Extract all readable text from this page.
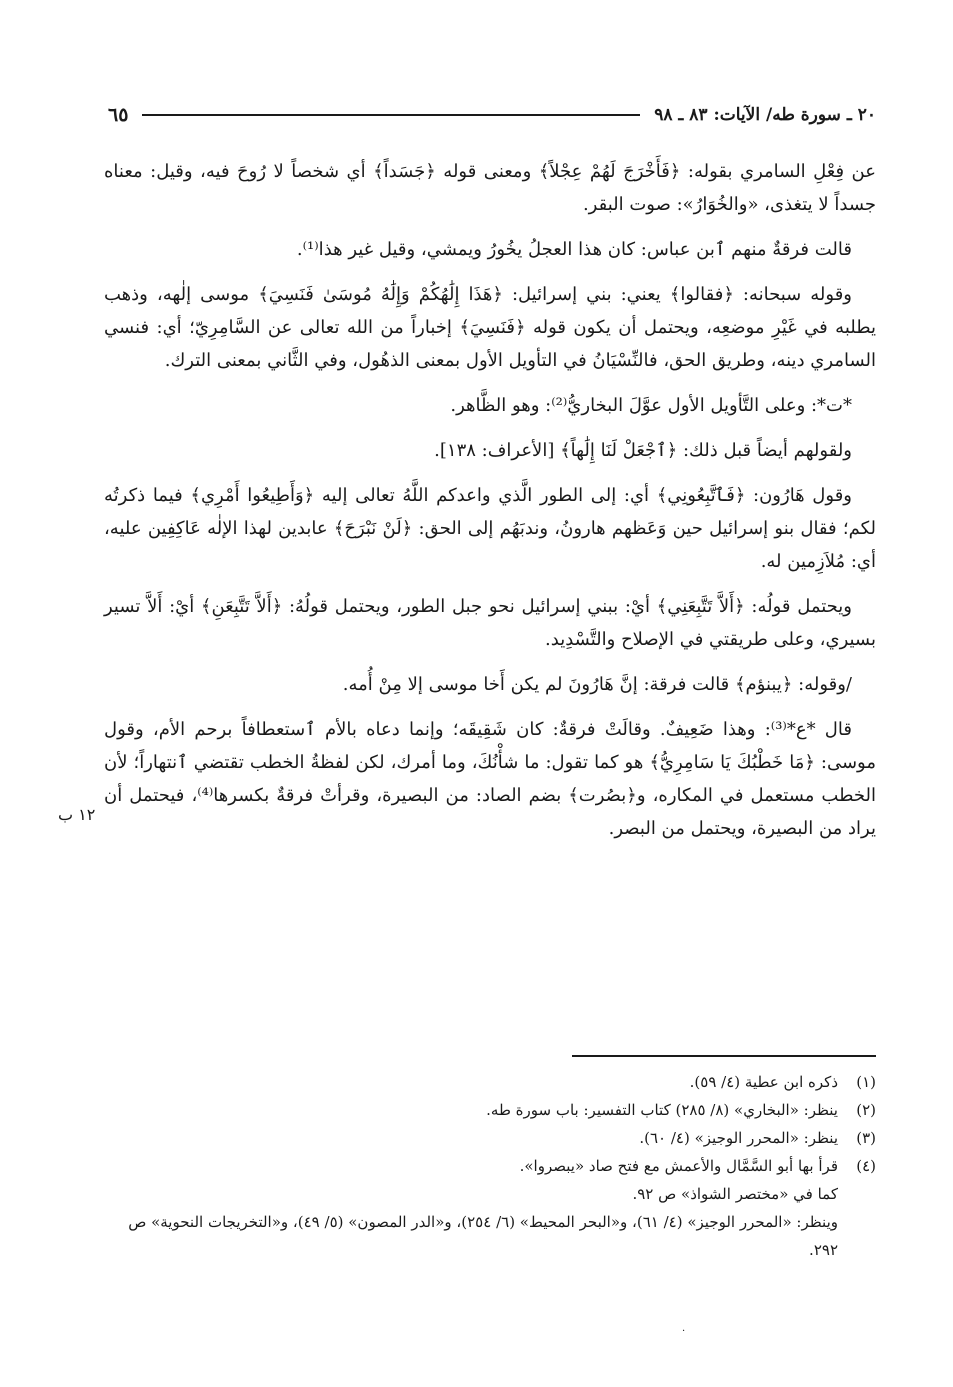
٢٠ ـ سورة طه/ الآيات: ٨٣ ـ ٩٨
٦٥

عن فِعْلِ السامري بقوله: ﴿فَأَخْرَجَ لَهُمْ عِجْلاً﴾ ومعنى قوله ﴿جَسَداً﴾ أي شخصاً لا رُوحَ فيه، وقيل: معناه جسداً لا يتغذى، «والخُوَارُ»: صوت البقر.

قالت فرقةٌ منهم ٱبن عباس: كان هذا العجلُ يخُورُ ويمشي، وقيل غير هذا⁽¹⁾.

وقوله سبحانه: ﴿فقالوا﴾ يعني: بني إسرائيل: ﴿هَذَا إِلَٰهُكُمْ وَإِلَٰهُ مُوسَىٰ فَنَسِيَ﴾ موسى إلٰهه، وذهب يطلبه في غَيْرِ موضعِه، ويحتمل أن يكون قوله ﴿فَنَسِيَ﴾ إخباراً من الله تعالى عن السَّامِرِيّ؛ أي: فنسي السامري دينه، وطريق الحق، فالنِّسْيَانُ في التأويل الأول بمعنى الذهُول، وفي الثَّاني بمعنى الترك.

*ت*: وعلى التَّأويل الأول عوَّلَ البخاريُّ⁽²⁾: وهو الظَّاهر.

ولقولهم أيضاً قبل ذلك: ﴿ٱجْعَلْ لَنَا إِلَٰهاً﴾ [الأعراف: ١٣٨].

وقول هَارُون: ﴿فَٱتَّبِعُونِي﴾ أي: إلى الطور الَّذي واعدكم اللَّهُ تعالى إليه ﴿وَأَطِيعُوا أَمْرِي﴾ فيما ذكرتُه لكم؛ فقال بنو إسرائيل حين وَعَظهم هارونُ، وندبَهُم إلى الحق: ﴿لَنْ نَبْرَحَ﴾ عابدين لهذا الإلٰه عَاكِفِين عليه، أي: مُلاَزِمين له.

ويحتمل قولُه: ﴿أَلاَّ تَتَّبِعَنِي﴾ أيْ: ببني إسرائيل نحو جبل الطور، ويحتمل قولُهُ: ﴿أَلاَّ تَتَّبِعَنِ﴾ أيْ: أَلاَّ تسير بسيري، وعلى طريقتي في الإصلاح والتَّسْدِيد.

/وقوله: ﴿يبنؤم﴾ قالت فرقة: إنَّ هَارُونَ لم يكن أَخا موسى إلا مِنْ أُمه.

قال *ع*⁽³⁾: وهذا ضَعِيفٌ. وقالَتْ فرقةٌ: كان شَقِيقَه؛ وإنما دعاه بالأم ٱستعطافاً برحم الأم، وقول موسى: ﴿مَا خَطْبُكَ يَا سَامِرِيُّ﴾ هو كما تقول: ما شأْنُكَ، وما أمرك، لكن لفظةُ الخطب تقتضي ٱنتهاراً؛ لأن الخطب مستعمل في المكاره، و﴿بصُرت﴾ بضم الصاد: من البصيرة، وقرأتْ فرقةٌ بكسرها⁽⁴⁾، فيحتمل أن يراد من البصيرة، ويحتمل من البصر.

١٢ ب
(١)
ذكره ابن عطية (٤/ ٥٩).
(٢)
ينظر: «البخاري» (٨/ ٢٨٥) كتاب التفسير: باب سورة طه.
(٣)
ينظر: «المحرر الوجيز» (٤/ ٦٠).
(٤)
قرأ بها أبو السَّمَّال والأعمش مع فتح صاد «يبصروا».
كما في «مختصر الشواذ» ص ٩٢.
وينظر: «المحرر الوجيز» (٤/ ٦١)، و«البحر المحيط» (٦/ ٢٥٤)، و«الدر المصون» (٥/ ٤٩)، و«التخريجات النحوية» ص ٢٩٢.
·
